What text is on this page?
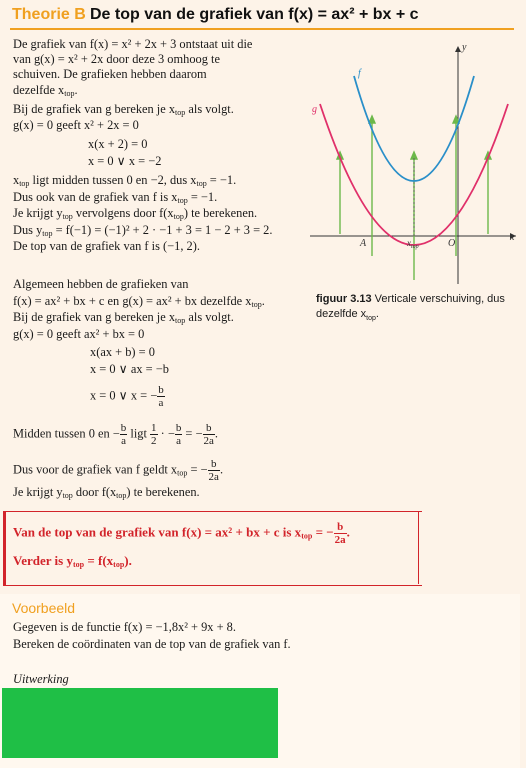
Theorie B De top van de grafiek van f(x) = ax² + bx + c
De grafiek van f(x) = x² + 2x + 3 ontstaat uit die
van g(x) = x² + 2x door deze 3 omhoog te
schuiven. De grafieken hebben daarom
dezelfde $x_{top}$.
Bij de grafiek van g bereken je $x_{top}$ als volgt.
g(x) = 0 geeft x² + 2x = 0
x(x + 2) = 0
x = 0 ∨ x = −2
$x_{top}$ ligt midden tussen 0 en −2, dus $x_{top} = -1$.
Dus ook van de grafiek van f is $x_{top} = -1$.
Je krijgt $y_{top}$ vervolgens door $f(x_{top})$ te berekenen.
Dus $y_{top} = f(-1) = (-1)^2 + 2 \cdot -1 + 3 = 1 - 2 + 3 = 2$.
De top van de grafiek van f is (−1, 2).
Algemeen hebben de grafieken van
f(x) = ax² + bx + c en g(x) = ax² + bx dezelfde $x_{top}$.
Bij de grafiek van g bereken je $x_{top}$ als volgt.
g(x) = 0 geeft ax² + bx = 0
x(ax + b) = 0
x = 0 ∨ ax = −b
x = 0 ∨ x = − $\frac{b}{a}$
Midden tussen 0 en − $\frac{b}{a}$ ligt $\frac{1}{2}$ · − $\frac{b}{a}$ = − $\frac{b}{2a}$ .
Dus voor de grafiek van f geldt $x_{top}$ = − $\frac{b}{2a}$ .
Je krijgt $y_{top}$ door $f(x_{top})$ te berekenen.
Van de top van de grafiek van f(x) = ax² + bx + c is $x_{top}$ = − $\frac{b}{2a}$ .
Verder is $y_{top} = f(x_{top})$.
y
x
f
g
A	O
$x_{top}$
figuur 3.13 Verticale verschuiving, dus
dezelfde $x_{top}$.
Voorbeeld
Gegeven is de functie f(x) = −1,8x² + 9x + 8.
Bereken de coördinaten van de top van de grafiek van f.
Uitwerking
